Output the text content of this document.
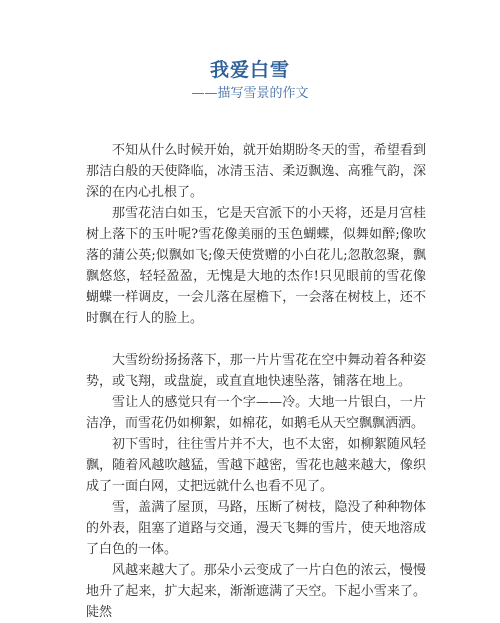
我爱白雪
——描写雪景的作文

不知从什么时候开始，就开始期盼冬天的雪，希望看到那洁白般的天使降临，冰清玉洁、柔迈飘逸、高雅气韵，深深的在内心扎根了。

那雪花洁白如玉，它是天宫派下的小天将，还是月宫桂树上落下的玉叶呢?雪花像美丽的玉色蝴蝶，似舞如醉;像吹落的蒲公英;似飘如飞;像天使赏赠的小白花儿;忽散忽聚，飘飘悠悠，轻轻盈盈，无愧是大地的杰作!只见眼前的雪花像蝴蝶一样调皮，一会儿落在屋檐下，一会落在树枝上，还不时飘在行人的脸上。

大雪纷纷扬扬落下，那一片片雪花在空中舞动着各种姿势，或飞翔，或盘旋，或直直地快速坠落，铺落在地上。

雪让人的感觉只有一个字——冷。大地一片银白，一片洁净，而雪花仍如柳絮，如棉花，如鹅毛从天空飘飘洒洒。

初下雪时，往往雪片并不大，也不太密，如柳絮随风轻飘，随着风越吹越猛，雪越下越密，雪花也越来越大，像织成了一面白网，丈把远就什么也看不见了。

雪，盖满了屋顶，马路，压断了树枝，隐没了种种物体的外表，阻塞了道路与交通，漫天飞舞的雪片，使天地溶成了白色的一体。

风越来越大了。那朵小云变成了一片白色的浓云，慢慢地升了起来，扩大起来，渐渐遮满了天空。下起小雪来了。陡然
